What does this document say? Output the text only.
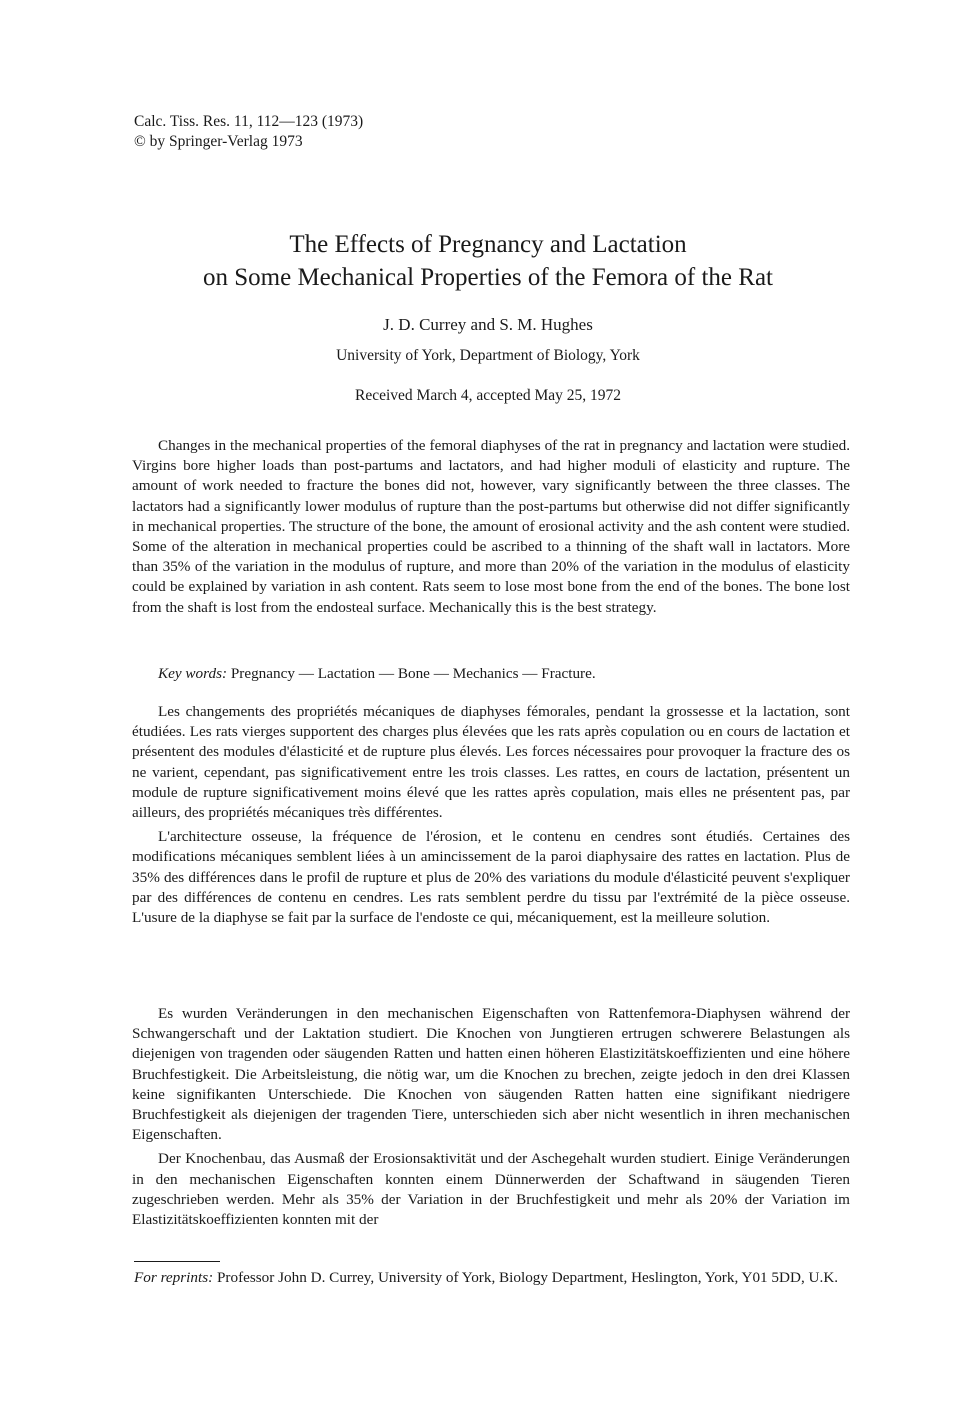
Calc. Tiss. Res. 11, 112—123 (1973)
© by Springer-Verlag 1973
The Effects of Pregnancy and Lactation
on Some Mechanical Properties of the Femora of the Rat
J. D. Currey and S. M. Hughes
University of York, Department of Biology, York
Received March 4, accepted May 25, 1972

Changes in the mechanical properties of the femoral diaphyses of the rat in pregnancy and lactation were studied. Virgins bore higher loads than post-partums and lactators, and had higher moduli of elasticity and rupture. The amount of work needed to fracture the bones did not, however, vary significantly between the three classes. The lactators had a significantly lower modulus of rupture than the post-partums but otherwise did not differ significantly in mechanical properties. The structure of the bone, the amount of erosional activity and the ash content were studied. Some of the alteration in mechanical properties could be ascribed to a thinning of the shaft wall in lactators. More than 35% of the variation in the modulus of rupture, and more than 20% of the variation in the modulus of elasticity could be explained by variation in ash content. Rats seem to lose most bone from the end of the bones. The bone lost from the shaft is lost from the endosteal surface. Mechanically this is the best strategy.

Key words: Pregnancy — Lactation — Bone — Mechanics — Fracture.

Les changements des propriétés mécaniques de diaphyses fémorales, pendant la grossesse et la lactation, sont étudiées. Les rats vierges supportent des charges plus élevées que les rats après copulation ou en cours de lactation et présentent des modules d'élasticité et de rupture plus élevés. Les forces nécessaires pour provoquer la fracture des os ne varient, cependant, pas significativement entre les trois classes. Les rattes, en cours de lactation, présentent un module de rupture significativement moins élevé que les rattes après copulation, mais elles ne présentent pas, par ailleurs, des propriétés mécaniques très différentes.

L'architecture osseuse, la fréquence de l'érosion, et le contenu en cendres sont étudiés. Certaines des modifications mécaniques semblent liées à un amincissement de la paroi diaphysaire des rattes en lactation. Plus de 35% des différences dans le profil de rupture et plus de 20% des variations du module d'élasticité peuvent s'expliquer par des différences de contenu en cendres. Les rats semblent perdre du tissu par l'extrémité de la pièce osseuse. L'usure de la diaphyse se fait par la surface de l'endoste ce qui, mécaniquement, est la meilleure solution.

Es wurden Veränderungen in den mechanischen Eigenschaften von Rattenfemora-Diaphysen während der Schwangerschaft und der Laktation studiert. Die Knochen von Jungtieren ertrugen schwerere Belastungen als diejenigen von tragenden oder säugenden Ratten und hatten einen höheren Elastizitätskoeffizienten und eine höhere Bruchfestigkeit. Die Arbeitsleistung, die nötig war, um die Knochen zu brechen, zeigte jedoch in den drei Klassen keine signifikanten Unterschiede. Die Knochen von säugenden Ratten hatten eine signifikant niedrigere Bruchfestigkeit als diejenigen der tragenden Tiere, unterschieden sich aber nicht wesentlich in ihren mechanischen Eigenschaften.

Der Knochenbau, das Ausmaß der Erosionsaktivität und der Aschegehalt wurden studiert. Einige Veränderungen in den mechanischen Eigenschaften konnten einem Dünnerwerden der Schaftwand in säugenden Tieren zugeschrieben werden. Mehr als 35% der Variation in der Bruchfestigkeit und mehr als 20% der Variation im Elastizitätskoeffizienten konnten mit der

For reprints: Professor John D. Currey, University of York, Biology Department, Heslington, York, Y01 5DD, U.K.
